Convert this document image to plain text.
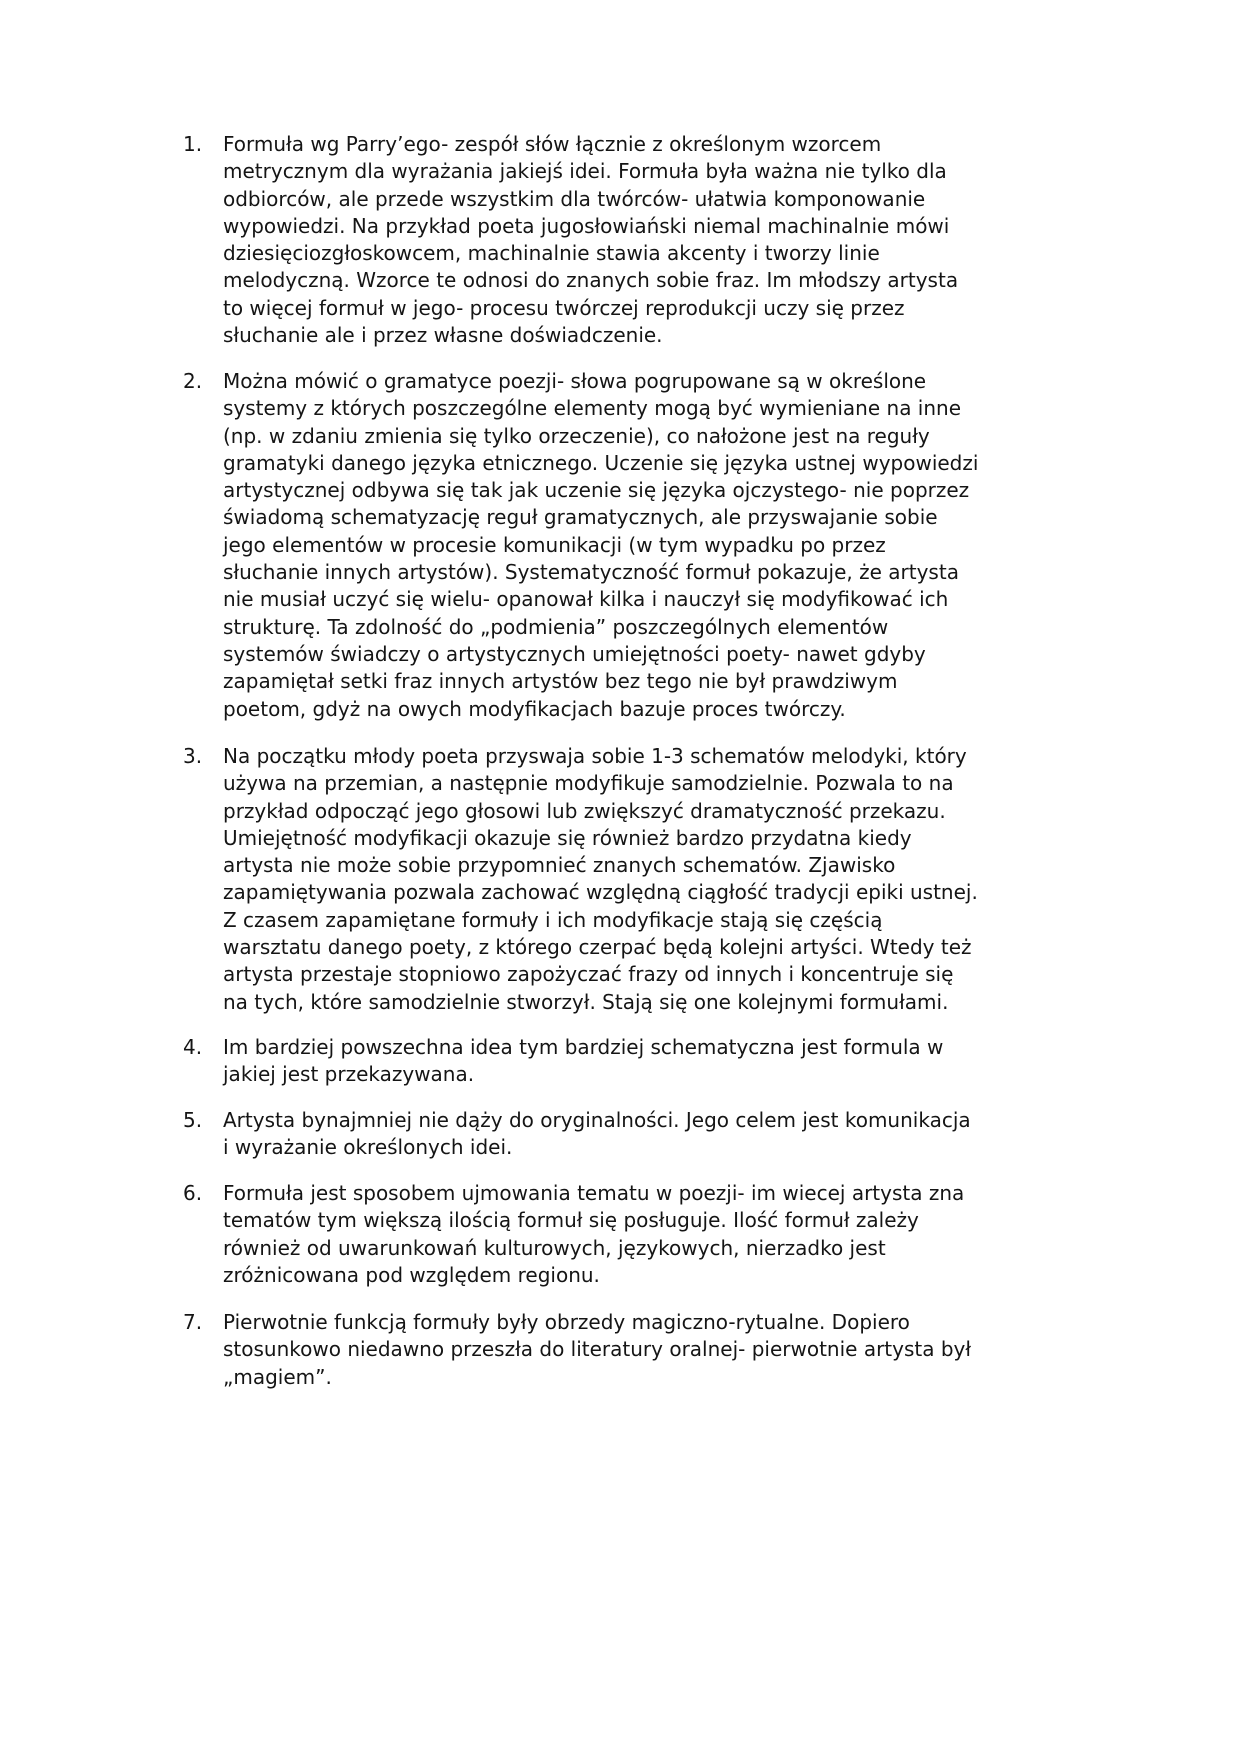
1. Formuła wg Parry’ego- zespół słów łącznie z określonym wzorcem
metrycznym dla wyrażania jakiejś idei. Formuła była ważna nie tylko dla
odbiorców, ale przede wszystkim dla twórców- ułatwia komponowanie
wypowiedzi. Na przykład poeta jugosłowiański niemal machinalnie mówi
dziesięciozgłoskowcem, machinalnie stawia akcenty i tworzy linie
melodyczną. Wzorce te odnosi do znanych sobie fraz. Im młodszy artysta
to więcej formuł w jego- procesu twórczej reprodukcji uczy się przez
słuchanie ale i przez własne doświadczenie.
2. Można mówić o gramatyce poezji- słowa pogrupowane są w określone
systemy z których poszczególne elementy mogą być wymieniane na inne
(np. w zdaniu zmienia się tylko orzeczenie), co nałożone jest na reguły
gramatyki danego języka etnicznego. Uczenie się języka ustnej wypowiedzi
artystycznej odbywa się tak jak uczenie się języka ojczystego- nie poprzez
świadomą schematyzację reguł gramatycznych, ale przyswajanie sobie
jego elementów w procesie komunikacji (w tym wypadku po przez
słuchanie innych artystów). Systematyczność formuł pokazuje, że artysta
nie musiał uczyć się wielu- opanował kilka i nauczył się modyfikować ich
strukturę. Ta zdolność do „podmienia” poszczególnych elementów
systemów świadczy o artystycznych umiejętności poety- nawet gdyby
zapamiętał setki fraz innych artystów bez tego nie był prawdziwym
poetom, gdyż na owych modyfikacjach bazuje proces twórczy.
3. Na początku młody poeta przyswaja sobie 1-3 schematów melodyki, który
używa na przemian, a następnie modyfikuje samodzielnie. Pozwala to na
przykład odpocząć jego głosowi lub zwiększyć dramatyczność przekazu.
Umiejętność modyfikacji okazuje się również bardzo przydatna kiedy
artysta nie może sobie przypomnieć znanych schematów. Zjawisko
zapamiętywania pozwala zachować względną ciągłość tradycji epiki ustnej.
Z czasem zapamiętane formuły i ich modyfikacje stają się częścią
warsztatu danego poety, z którego czerpać będą kolejni artyści. Wtedy też
artysta przestaje stopniowo zapożyczać frazy od innych i koncentruje się
na tych, które samodzielnie stworzył. Stają się one kolejnymi formułami.
4. Im bardziej powszechna idea tym bardziej schematyczna jest formula w
jakiej jest przekazywana.
5. Artysta bynajmniej nie dąży do oryginalności. Jego celem jest komunikacja
i wyrażanie określonych idei.
6. Formuła jest sposobem ujmowania tematu w poezji- im wiecej artysta zna
tematów tym większą ilością formuł się posługuje. Ilość formuł zależy
również od uwarunkowań kulturowych, językowych, nierzadko jest
zróżnicowana pod względem regionu.
7. Pierwotnie funkcją formuły były obrzedy magiczno-rytualne. Dopiero
stosunkowo niedawno przeszła do literatury oralnej- pierwotnie artysta był
„magiem”.
